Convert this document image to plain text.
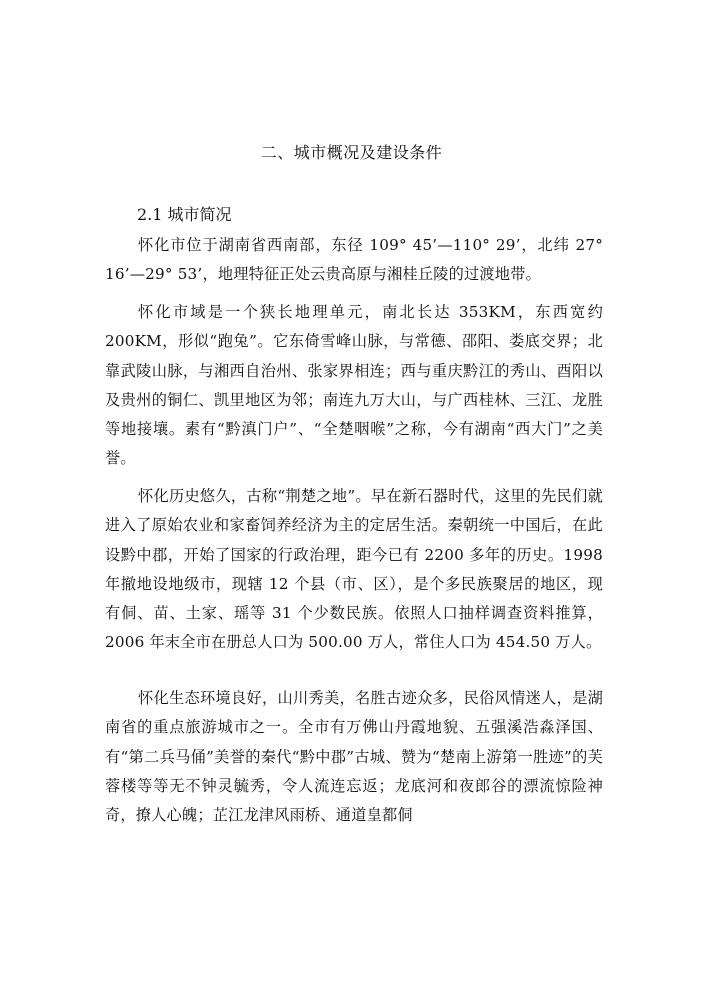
二、城市概况及建设条件
2.1 城市简况

怀化市位于湖南省西南部，东径 109° 45’—110° 29’，北纬 27° 16’—29° 53’，地理特征正处云贵高原与湘桂丘陵的过渡地带。

怀化市域是一个狭长地理单元，南北长达 353KM，东西宽约 200KM，形似“跑兔”。它东倚雪峰山脉，与常德、邵阳、娄底交界；北靠武陵山脉，与湘西自治州、张家界相连；西与重庆黔江的秀山、酉阳以及贵州的铜仁、凯里地区为邻；南连九万大山，与广西桂林、三江、龙胜等地接壤。素有“黔滇门户”、“全楚咽喉”之称，今有湖南“西大门”之美誉。

怀化历史悠久，古称“荆楚之地”。早在新石器时代，这里的先民们就进入了原始农业和家畜饲养经济为主的定居生活。秦朝统一中国后，在此设黔中郡，开始了国家的行政治理，距今已有 2200 多年的历史。1998 年撤地设地级市，现辖 12 个县（市、区），是个多民族聚居的地区，现有侗、苗、土家、瑶等 31 个少数民族。依照人口抽样调查资料推算，2006 年末全市在册总人口为 500.00 万人，常住人口为 454.50 万人。

怀化生态环境良好，山川秀美，名胜古迹众多，民俗风情迷人，是湖南省的重点旅游城市之一。全市有万佛山丹霞地貌、五强溪浩淼泽国、有“第二兵马俑”美誉的秦代“黔中郡”古城、赞为“楚南上游第一胜迹”的芙蓉楼等等无不钟灵毓秀，令人流连忘返；龙底河和夜郎谷的漂流惊险神奇，撩人心魄；芷江龙津风雨桥、通道皇都侗
